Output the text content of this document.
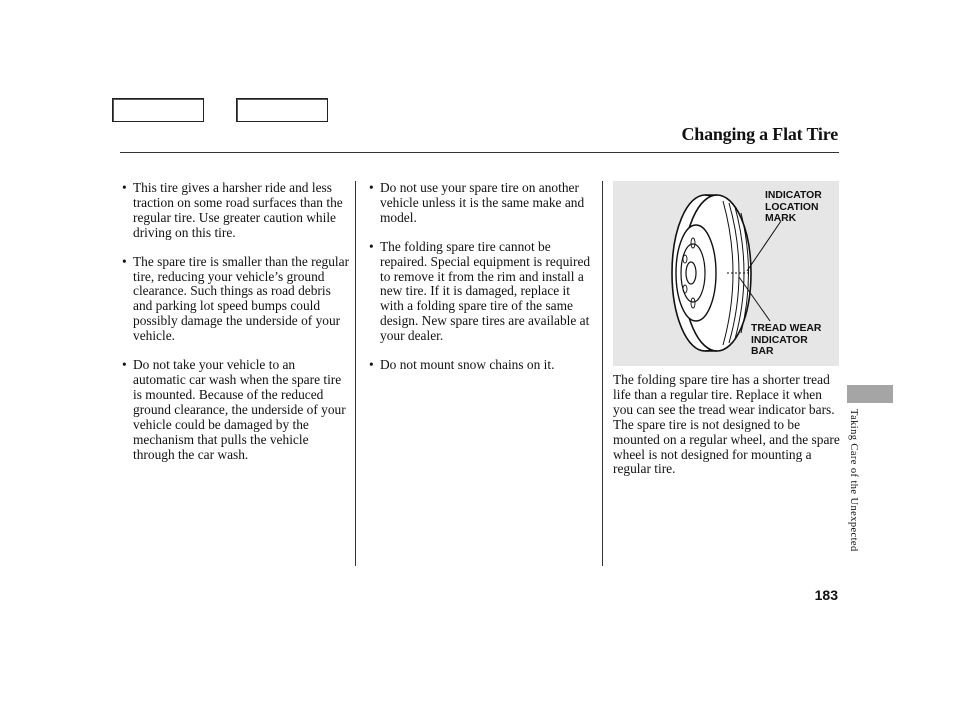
Changing a Flat Tire

• This tire gives a harsher ride and less traction on some road surfaces than the regular tire. Use greater caution while driving on this tire.

• The spare tire is smaller than the regular tire, reducing your vehicle’s ground clearance. Such things as road debris and parking lot speed bumps could possibly damage the underside of your vehicle.

• Do not take your vehicle to an automatic car wash when the spare tire is mounted. Because of the reduced ground clearance, the underside of your vehicle could be damaged by the mechanism that pulls the vehicle through the car wash.

• Do not use your spare tire on another vehicle unless it is the same make and model.

• The folding spare tire cannot be repaired. Special equipment is required to remove it from the rim and install a new tire. If it is damaged, replace it with a folding spare tire of the same design. New spare tires are available at your dealer.

• Do not mount snow chains on it.

INDICATOR
LOCATION
MARK
TREAD WEAR
INDICATOR
BAR

The folding spare tire has a shorter tread life than a regular tire. Replace it when you can see the tread wear indicator bars. The spare tire is not designed to be mounted on a regular wheel, and the spare wheel is not designed for mounting a regular tire.	Taking Care of the Unexpected
183
